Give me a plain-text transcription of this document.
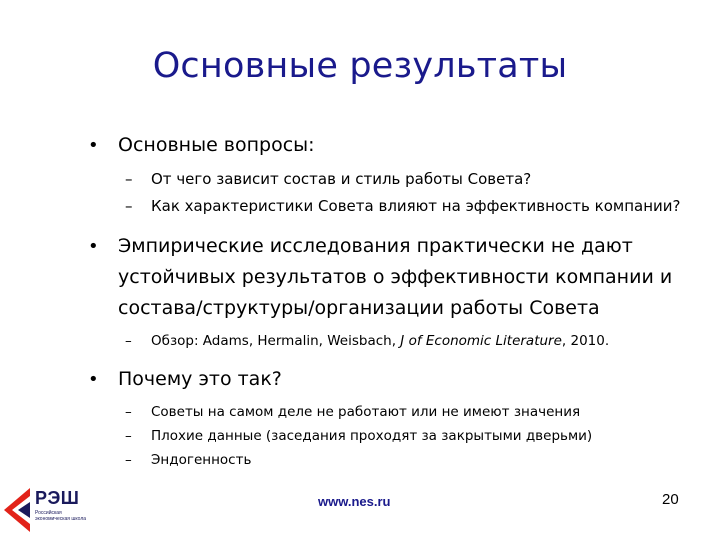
Основные результаты
• Основные вопросы:
– От чего зависит состав и стиль работы Совета?
– Как характеристики Совета влияют на эффективность компании?
• Эмпирические исследования практически не дают устойчивых результатов о эффективности компании и состава/структуры/организации работы Совета
– Обзор: Adams, Hermalin, Weisbach, J of Economic Literature, 2010.
• Почему это так?
– Советы на самом деле не работают или не имеют значения
– Плохие данные (заседания проходят за закрытыми дверьми)
– Эндогенность
РЭШ
Российская экономическая школа
www.nes.ru	20
